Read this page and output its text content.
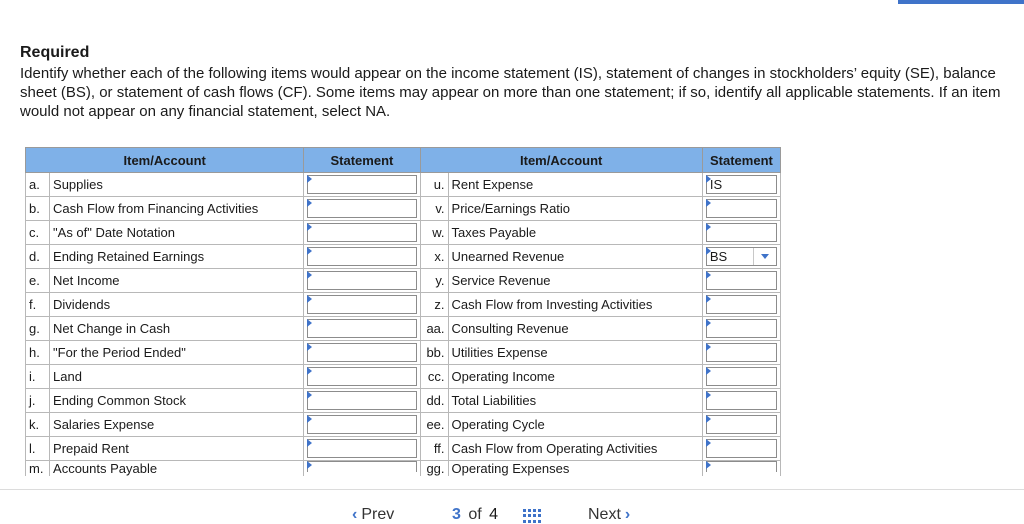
Required
Identify whether each of the following items would appear on the income statement (IS), statement of changes in stockholders’ equity (SE), balance sheet (BS), or statement of cash flows (CF). Some items may appear on more than one statement; if so, identify all applicable statements. If an item would not appear on any financial statement, select NA.
Item/Account		Statement	Item/Account		Statement
a.	Supplies		u.	Rent Expense	IS

b.	Cash Flow from Financing Activities		v.	Price/Earnings Ratio	

c.	"As of" Date Notation		w.	Taxes Payable	

d.	Ending Retained Earnings		x.	Unearned Revenue	BS

e.	Net Income		y.	Service Revenue	

f.	Dividends		z.	Cash Flow from Investing Activities	

g.	Net Change in Cash		aa.	Consulting Revenue	

h.	"For the Period Ended"		bb.	Utilities Expense	

i.	Land		cc.	Operating Income	

j.	Ending Common Stock		dd.	Total Liabilities	

k.	Salaries Expense		ee.	Operating Cycle	

l.	Prepaid Rent		ff.	Cash Flow from Operating Activities	

m.	Accounts Payable		gg.	Operating Expenses	
‹ Prev	3 of 4	Next ›
